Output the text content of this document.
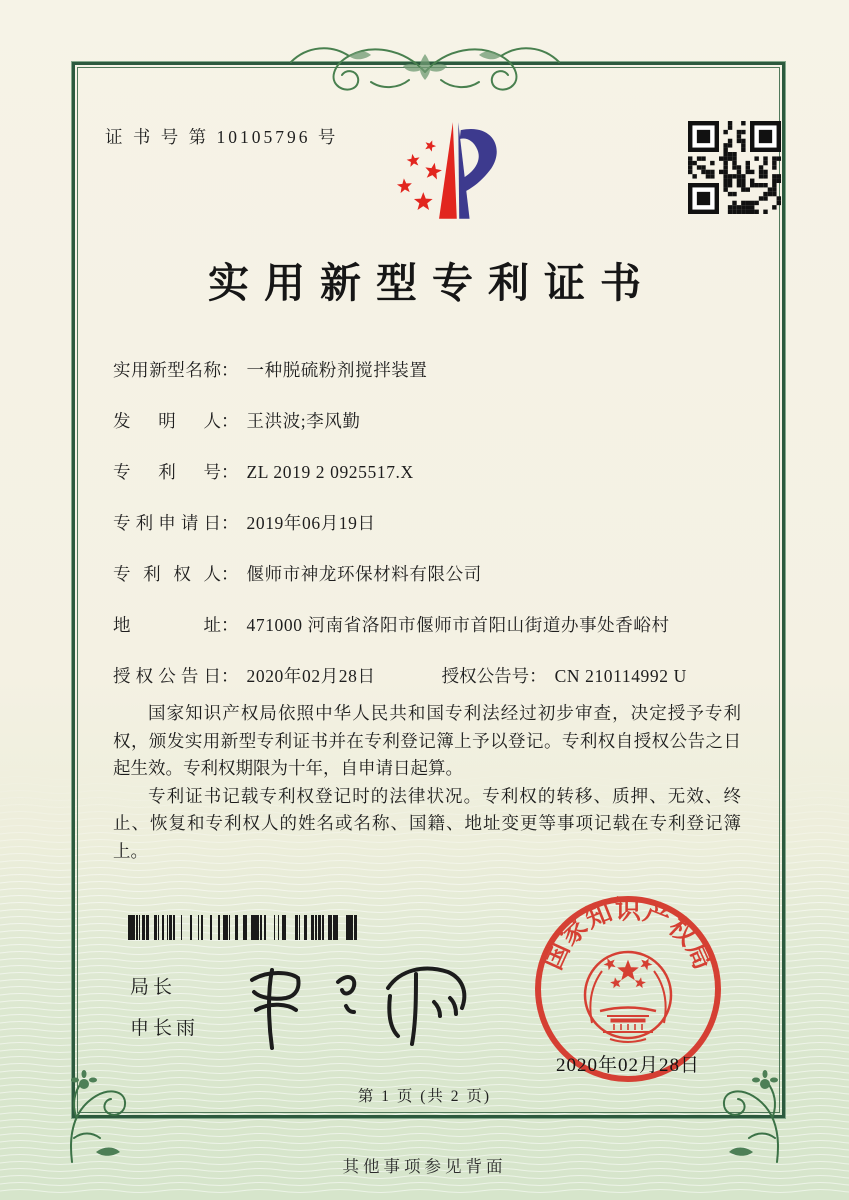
证 书 号 第 10105796 号
实用新型专利证书
实用新型名称 ： 一种脱硫粉剂搅拌装置
发明人 ： 王洪波;李风勤
专利号 ： ZL 2019 2 0925517.X
专利申请日 ： 2019年06月19日
专利权人 ： 偃师市神龙环保材料有限公司
地址 ： 471000 河南省洛阳市偃师市首阳山街道办事处香峪村
授权公告日 ： 2020年02月28日	授权公告号 ： CN 210114992 U

国家知识产权局依照中华人民共和国专利法经过初步审查，决定授予专利权，颁发实用新型专利证书并在专利登记簿上予以登记。专利权自授权公告之日起生效。专利权期限为十年，自申请日起算。

专利证书记载专利权登记时的法律状况。专利权的转移、质押、无效、终止、恢复和专利权人的姓名或名称、国籍、地址变更等事项记载在专利登记簿上。

局长
申长雨
国家知识产权局
2020年02月28日
第 1 页 (共 2 页)
其他事项参见背面
